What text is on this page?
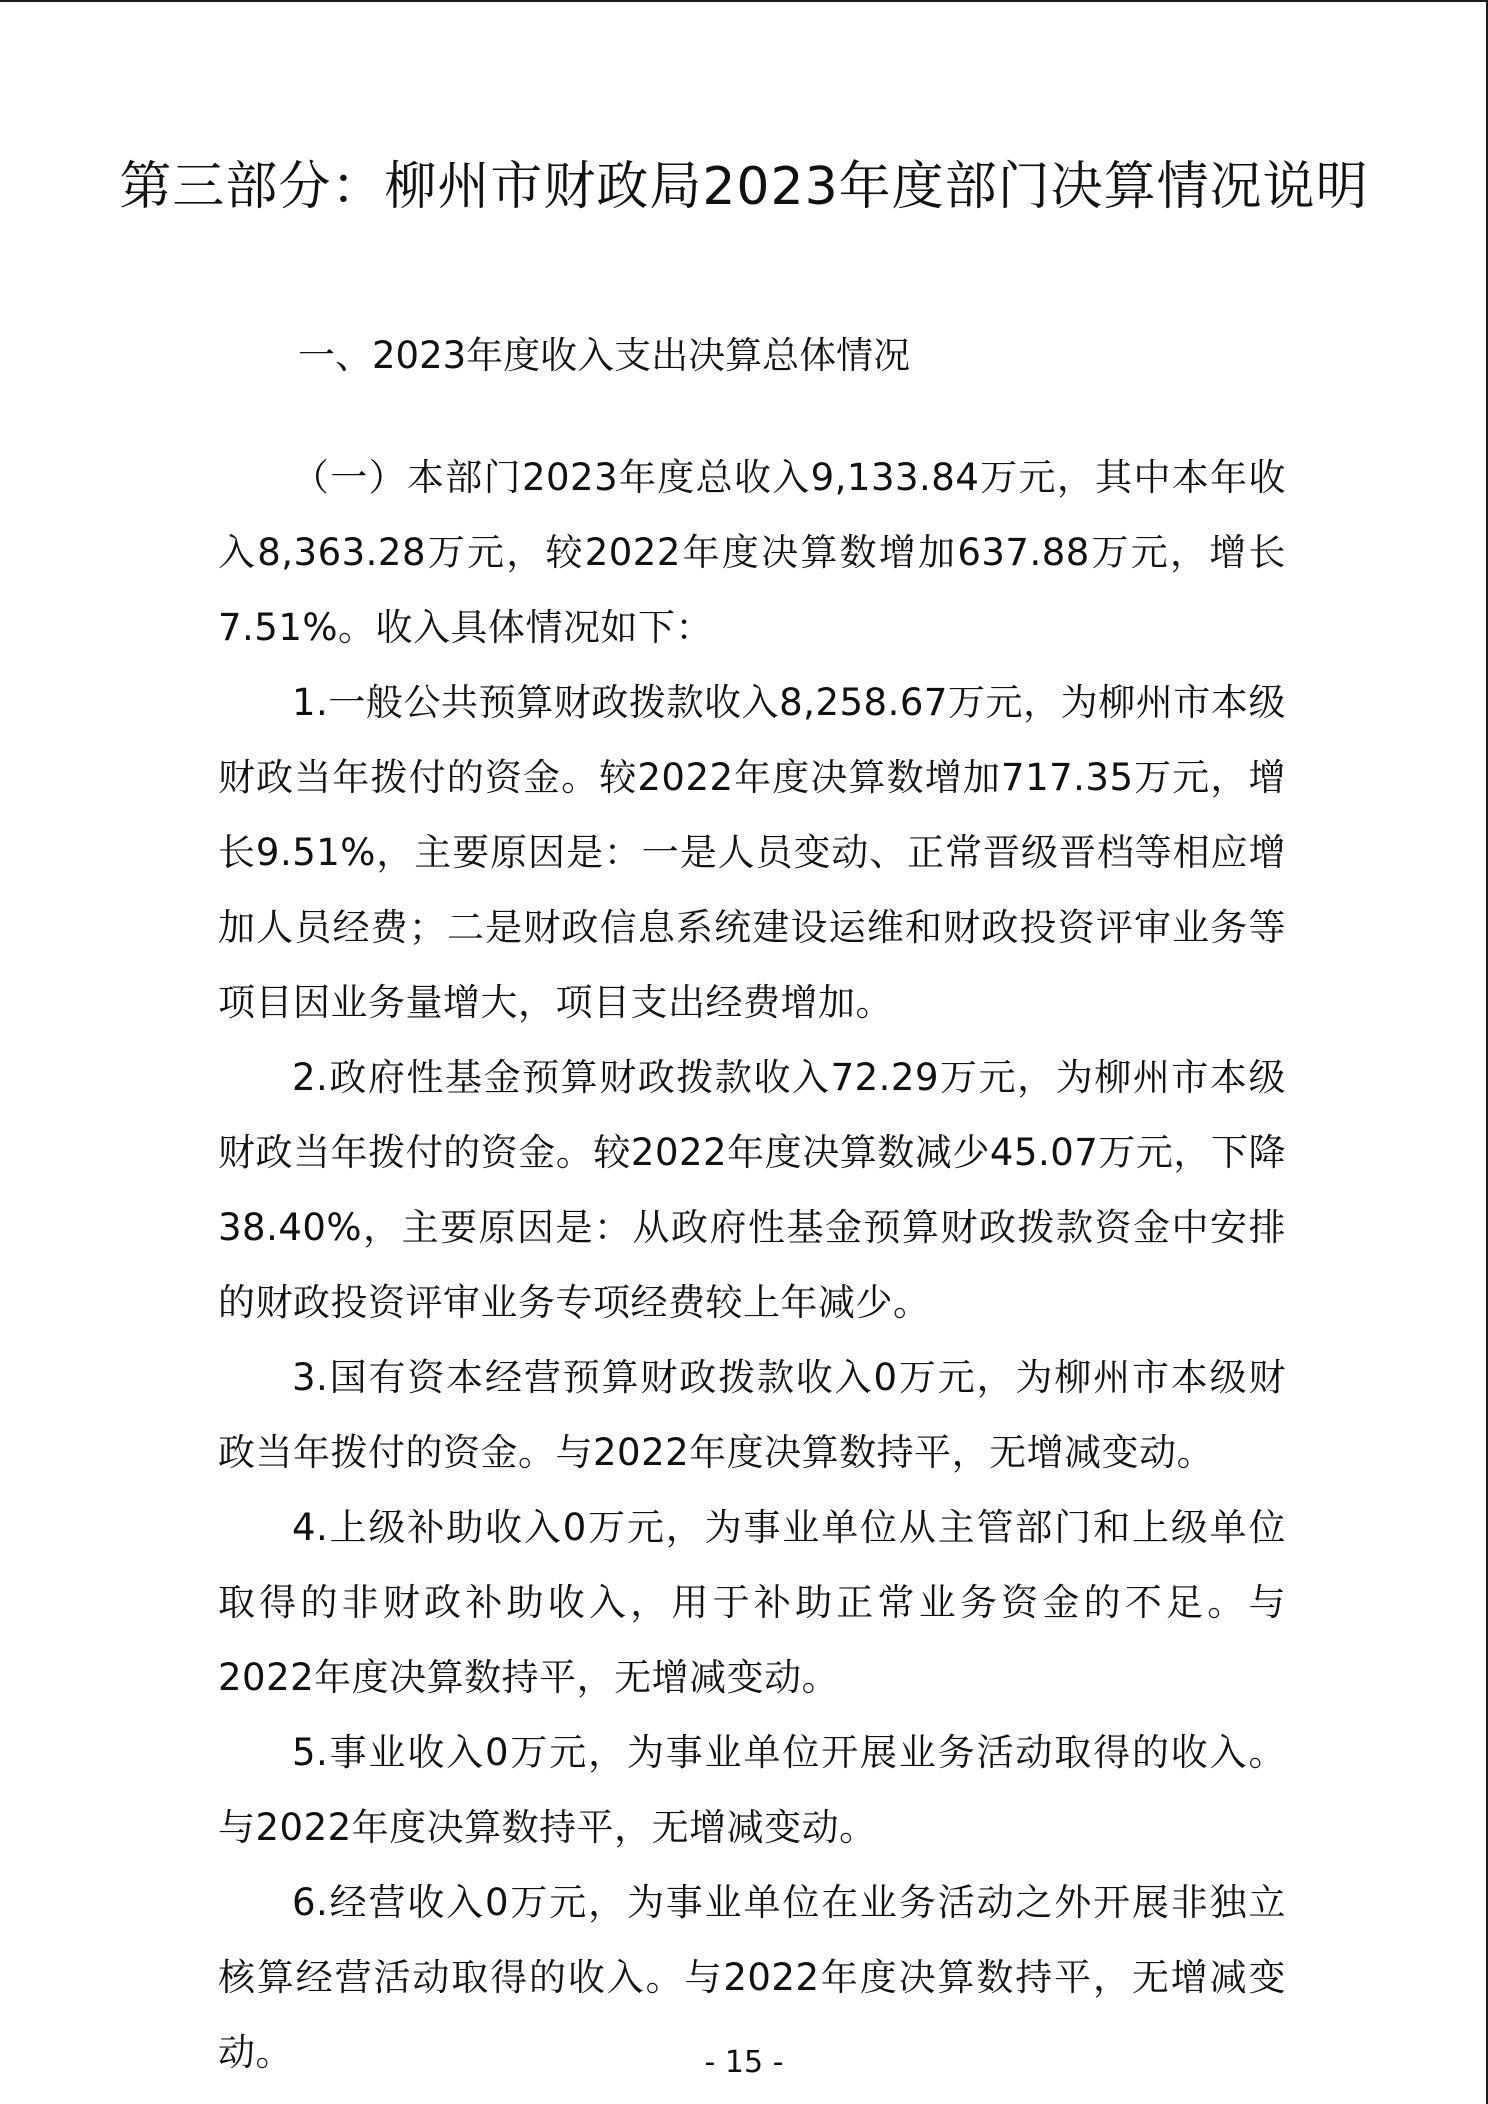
第三部分：柳州市财政局2023年度部门决算情况说明
一、2023年度收入支出决算总体情况

（一）本部门2023年度总收入9,133.84万元，其中本年收入8,363.28万元，较2022年度决算数增加637.88万元，增长7.51%。收入具体情况如下：

1.一般公共预算财政拨款收入8,258.67万元，为柳州市本级财政当年拨付的资金。较2022年度决算数增加717.35万元，增长9.51%，主要原因是：一是人员变动、正常晋级晋档等相应增加人员经费；二是财政信息系统建设运维和财政投资评审业务等项目因业务量增大，项目支出经费增加。

2.政府性基金预算财政拨款收入72.29万元，为柳州市本级财政当年拨付的资金。较2022年度决算数减少45.07万元，下降38.40%，主要原因是：从政府性基金预算财政拨款资金中安排的财政投资评审业务专项经费较上年减少。

3.国有资本经营预算财政拨款收入0万元，为柳州市本级财政当年拨付的资金。与2022年度决算数持平，无增减变动。

4.上级补助收入0万元，为事业单位从主管部门和上级单位取得的非财政补助收入，用于补助正常业务资金的不足。与2022年度决算数持平，无增减变动。

5.事业收入0万元，为事业单位开展业务活动取得的收入。与2022年度决算数持平，无增减变动。

6.经营收入0万元，为事业单位在业务活动之外开展非独立核算经营活动取得的收入。与2022年度决算数持平，无增减变动。	- 15 -
